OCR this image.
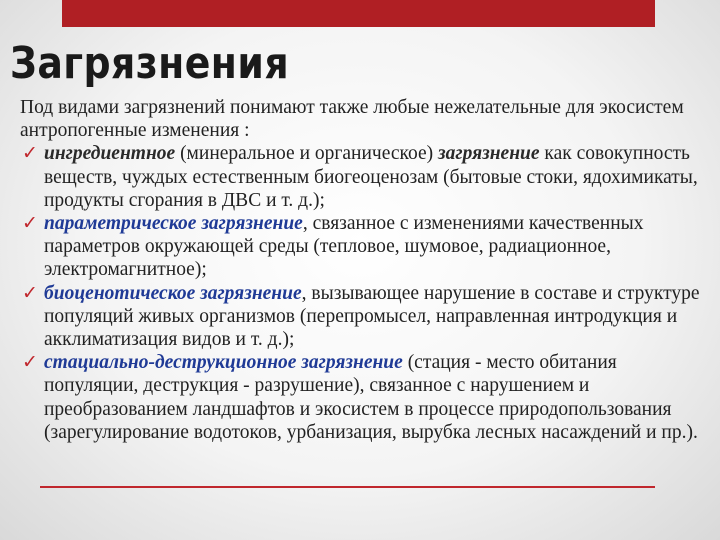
Загрязнения

Под видами загрязнений понимают также любые нежелательные для экосистем антропогенные изменения :

✓ ингредиентное (минеральное и органическое) загрязнение как совокупность веществ, чуждых естественным биогеоценозам (бытовые стоки, ядохимикаты, продукты сгорания в ДВС и т. д.);
✓ параметрическое загрязнение, связанное с изменениями качественных параметров окружающей среды (тепловое, шумовое, радиационное, электромагнитное);
✓ биоценотическое загрязнение, вызывающее нарушение в составе и структуре популяций живых организмов (перепромысел, направленная интродукция и акклиматизация видов и т. д.);
✓ стациально-деструкционное загрязнение (стация - место обитания популяции, деструкция - разрушение), связанное с нарушением и преобразованием ландшафтов и экосистем в процессе природопользования (зарегулирование водотоков, урбанизация, вырубка лесных насаждений и пр.).
